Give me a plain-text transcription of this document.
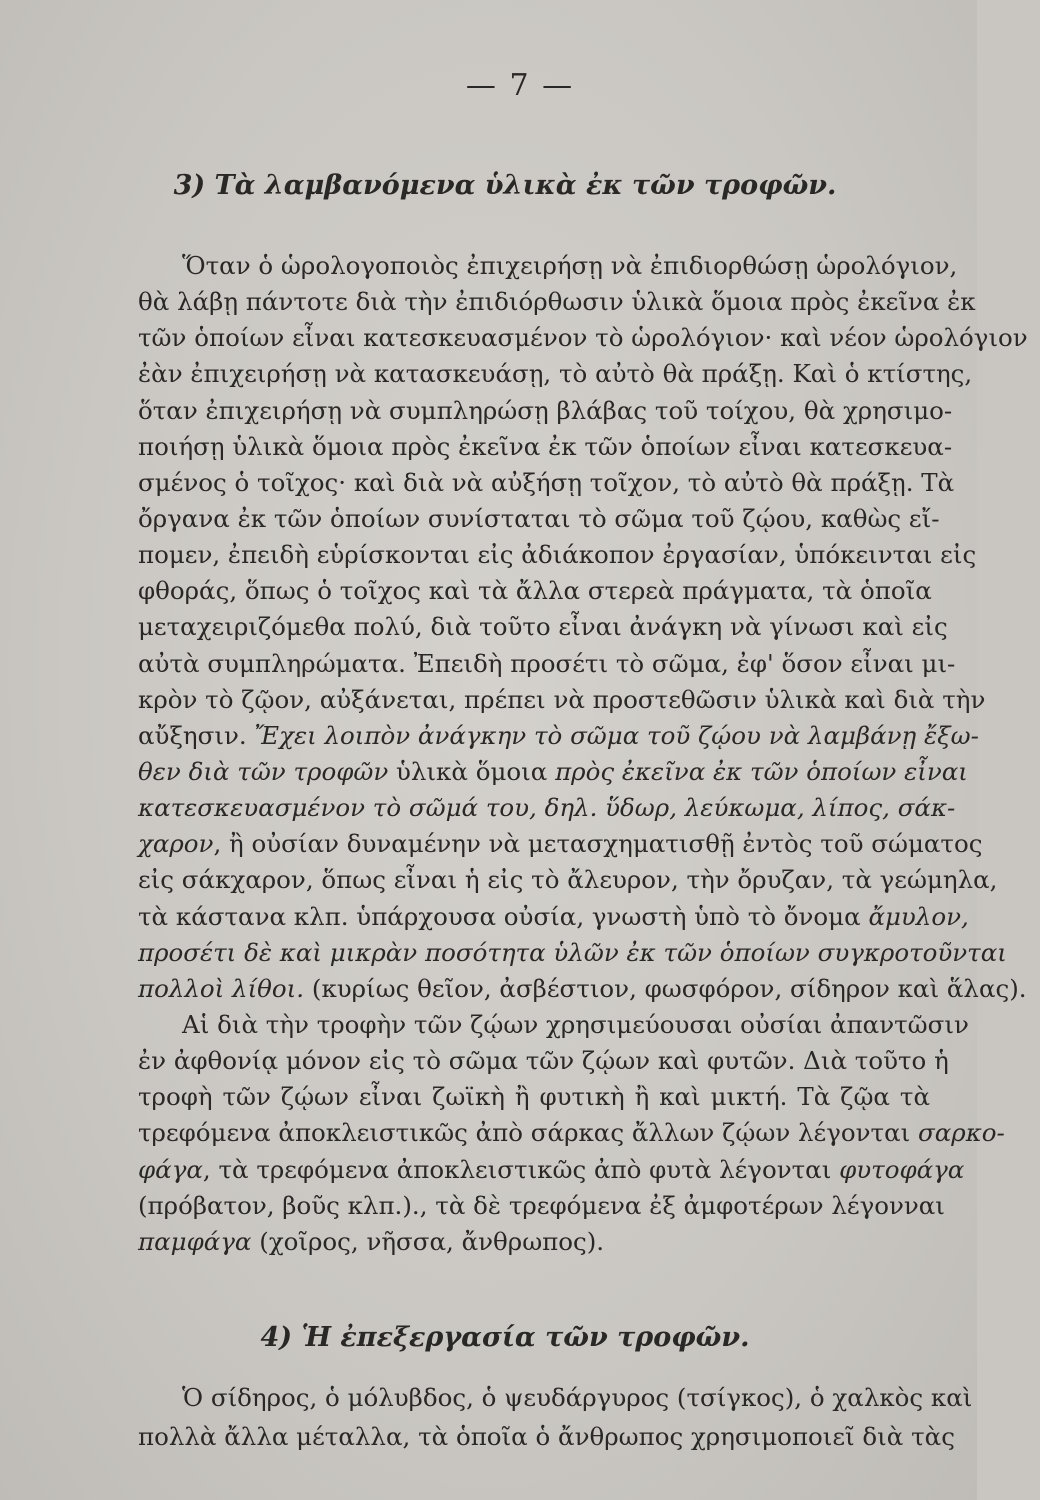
— 7 —
3) Τὰ λαμβανόμενα ὑλικὰ ἐκ τῶν τροφῶν.
Ὅταν ὁ ὡρολογοποιὸς ἐπιχειρήσῃ νὰ ἐπιδιορθώσῃ ὡρολόγιον,
θὰ λάβῃ πάντοτε διὰ τὴν ἐπιδιόρθωσιν ὑλικὰ ὅμοια πρὸς ἐκεῖνα ἐκ
τῶν ὁποίων εἶναι κατεσκευασμένον τὸ ὡρολόγιον· καὶ νέον ὡρολόγιον
ἐὰν ἐπιχειρήσῃ νὰ κατασκευάσῃ, τὸ αὐτὸ θὰ πράξῃ. Καὶ ὁ κτίστης,
ὅταν ἐπιχειρήσῃ νὰ συμπληρώσῃ βλάβας τοῦ τοίχου, θὰ χρησιμο-
ποιήσῃ ὑλικὰ ὅμοια πρὸς ἐκεῖνα ἐκ τῶν ὁποίων εἶναι κατεσκευα-
σμένος ὁ τοῖχος· καὶ διὰ νὰ αὐξήσῃ τοῖχον, τὸ αὐτὸ θὰ πράξῃ. Τὰ
ὄργανα ἐκ τῶν ὁποίων συνίσταται τὸ σῶμα τοῦ ζῴου, καθὼς εἴ-
πομεν, ἐπειδὴ εὑρίσκονται εἰς ἀδιάκοπον ἐργασίαν, ὑπόκεινται εἰς
φθοράς, ὅπως ὁ τοῖχος καὶ τὰ ἄλλα στερεὰ πράγματα, τὰ ὁποῖα
μεταχειριζόμεθα πολύ, διὰ τοῦτο εἶναι ἀνάγκη νὰ γίνωσι καὶ εἰς
αὐτὰ συμπληρώματα. Ἐπειδὴ προσέτι τὸ σῶμα, ἐφ' ὅσον εἶναι μι-
κρὸν τὸ ζῷον, αὐξάνεται, πρέπει νὰ προστεθῶσιν ὑλικὰ καὶ διὰ τὴν
αὔξησιν. Ἔχει λοιπὸν ἀνάγκην τὸ σῶμα τοῦ ζῴου νὰ λαμβάνῃ ἔξω-
θεν διὰ τῶν τροφῶν ὑλικὰ ὅμοια πρὸς ἐκεῖνα ἐκ τῶν ὁποίων εἶναι
κατεσκευασμένον τὸ σῶμά του, δηλ. ὕδωρ, λεύκωμα, λίπος, σάκ-
χαρον, ἢ οὐσίαν δυναμένην νὰ μετασχηματισθῇ ἐντὸς τοῦ σώματος
εἰς σάκχαρον, ὅπως εἶναι ἡ εἰς τὸ ἄλευρον, τὴν ὄρυζαν, τὰ γεώμηλα,
τὰ κάστανα κλπ. ὑπάρχουσα οὐσία, γνωστὴ ὑπὸ τὸ ὄνομα ἄμυλον,
προσέτι δὲ καὶ μικρὰν ποσότητα ὑλῶν ἐκ τῶν ὁποίων συγκροτοῦνται
πολλοὶ λίθοι. (κυρίως θεῖον, ἀσβέστιον, φωσφόρον, σίδηρον καὶ ἅλας).
Αἱ διὰ τὴν τροφὴν τῶν ζῴων χρησιμεύουσαι οὐσίαι ἀπαντῶσιν
ἐν ἀφθονίᾳ μόνον εἰς τὸ σῶμα τῶν ζῴων καὶ φυτῶν. Διὰ τοῦτο ἡ
τροφὴ τῶν ζῴων εἶναι ζωϊκὴ ἢ φυτικὴ ἢ καὶ μικτή. Τὰ ζῷα τὰ
τρεφόμενα ἀποκλειστικῶς ἀπὸ σάρκας ἄλλων ζῴων λέγονται σαρκο-
φάγα, τὰ τρεφόμενα ἀποκλειστικῶς ἀπὸ φυτὰ λέγονται φυτοφάγα
(πρόβατον, βοῦς κλπ.)., τὰ δὲ τρεφόμενα ἐξ ἀμφοτέρων λέγονναι
παμφάγα (χοῖρος, νῆσσα, ἄνθρωπος).
4) Ἡ ἐπεξεργασία τῶν τροφῶν.
Ὁ σίδηρος, ὁ μόλυβδος, ὁ ψευδάργυρος (τσίγκος), ὁ χαλκὸς καὶ
πολλὰ ἄλλα μέταλλα, τὰ ὁποῖα ὁ ἄνθρωπος χρησιμοποιεῖ διὰ τὰς
